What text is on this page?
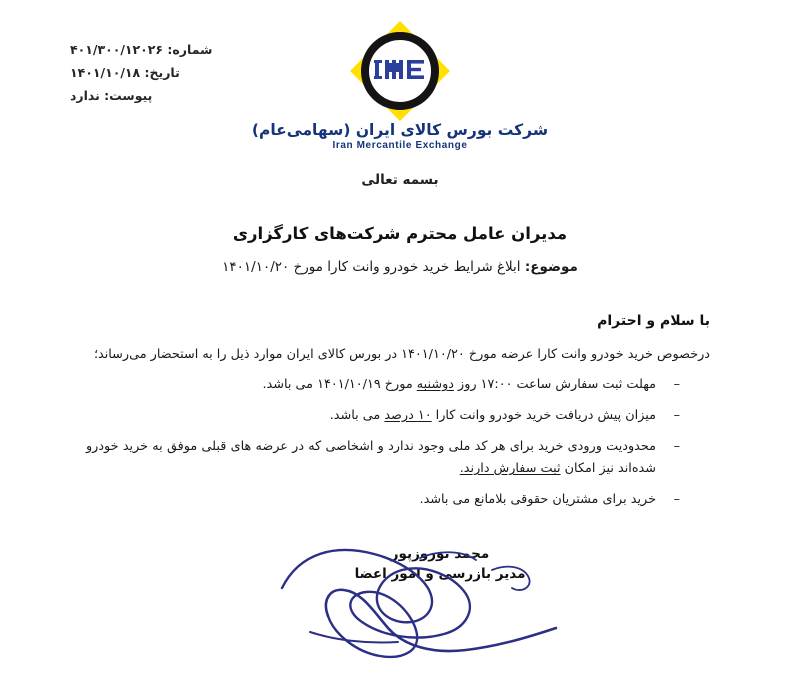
شماره: ۴۰۱/۳۰۰/۱۲۰۲۶
تاریخ: ۱۴۰۱/۱۰/۱۸
پیوست: ندارد
شرکت بورس کالای ایران (سهامی‌عام)
Iran Mercantile Exchange
بسمه تعالی
مدیران عامل محترم شرکت‌های کارگزاری
موضوع: ابلاغ شرایط خرید خودرو وانت کارا مورخ ۱۴۰۱/۱۰/۲۰
با سلام و احترام
درخصوص خرید خودرو وانت کارا عرضه مورخ ۱۴۰۱/۱۰/۲۰ در بورس کالای ایران موارد ذیل را به استحضار می‌رساند؛
– مهلت ثبت سفارش ساعت ۱۷:۰۰ روز دوشنبه مورخ ۱۴۰۱/۱۰/۱۹ می باشد.
– میزان پیش دریافت خرید خودرو وانت کارا ۱۰ درصد می باشد.
– محدودیت ورودی خرید برای هر کد ملی وجود ندارد و اشخاصی که در عرضه های قبلی موفق به خرید خودرو شده‌اند نیز امکان ثبت سفارش دارند.
– خرید برای مشتریان حقوقی بلامانع می باشد.
محمد نوروزپور
مدیر بازرسی و امور اعضا
